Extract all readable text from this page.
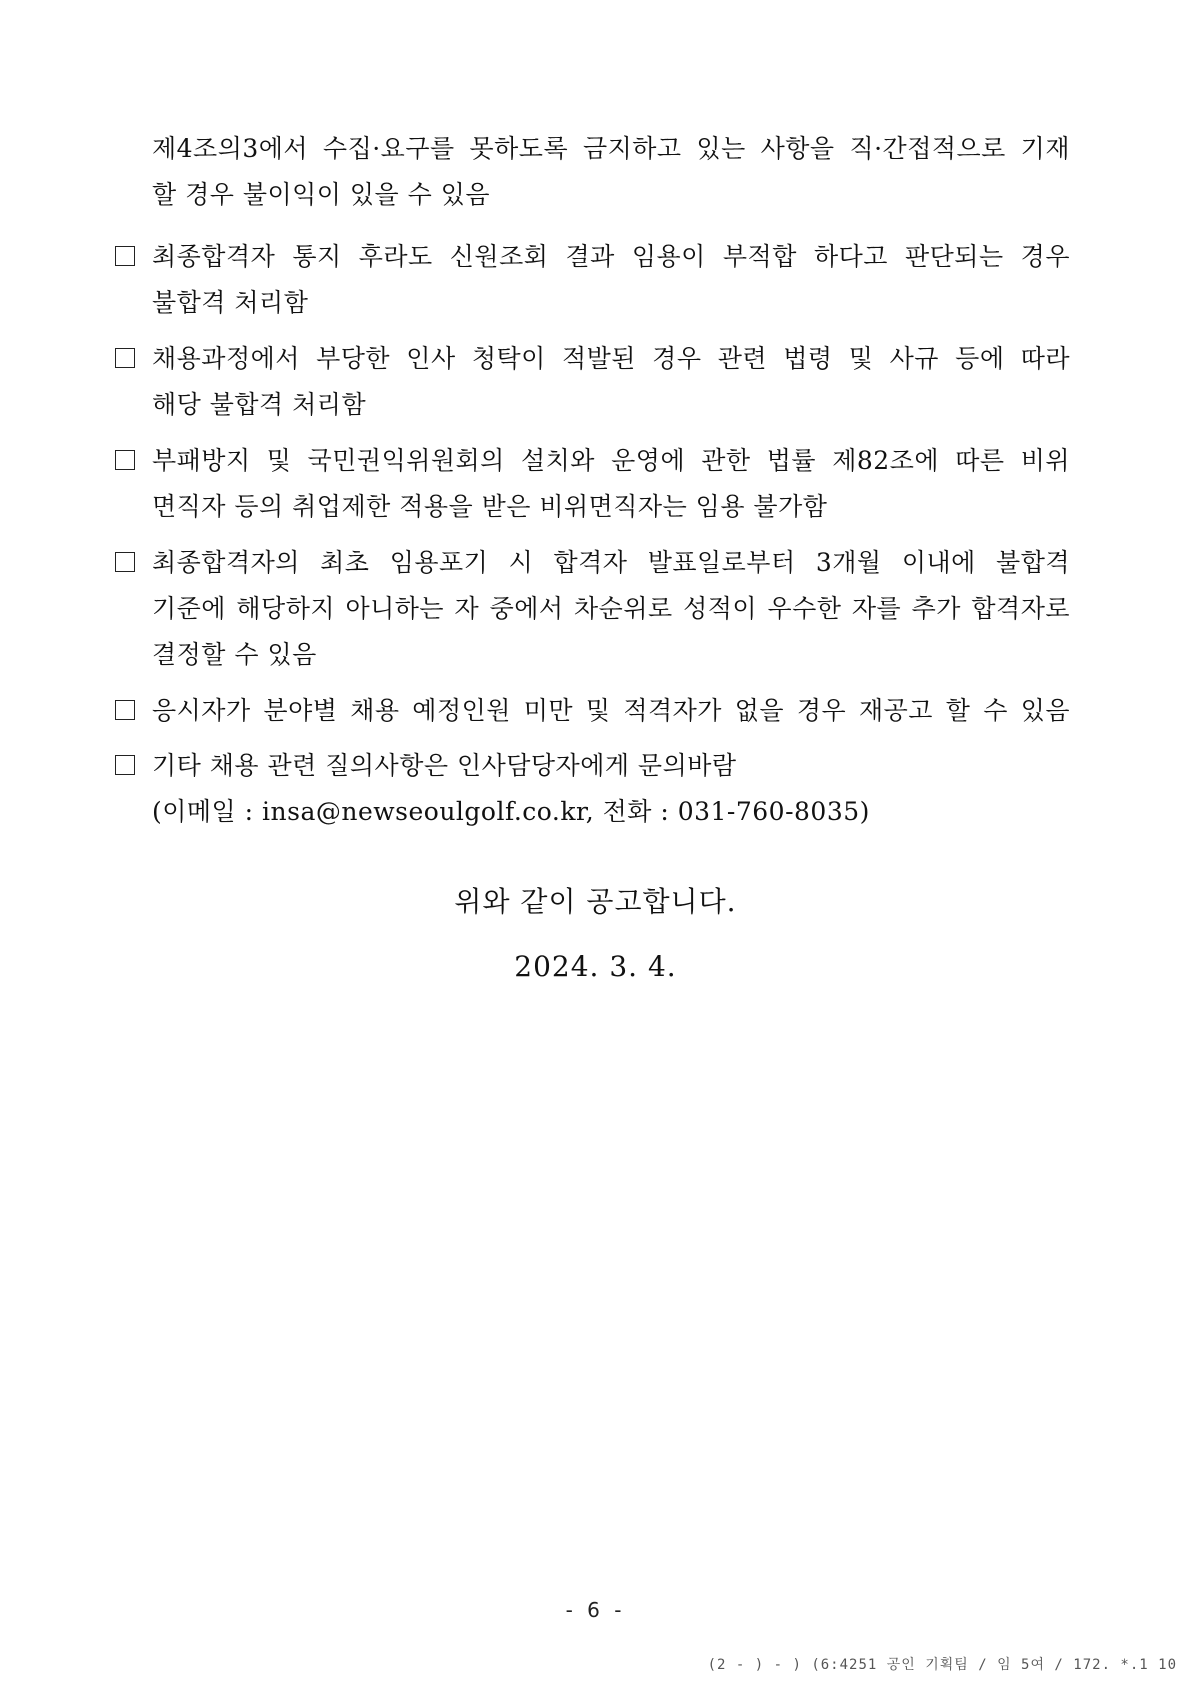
제4조의3에서 수집·요구를 못하도록 금지하고 있는 사항을 직·간접적으로 기재
할 경우 불이익이 있을 수 있음
최종합격자 통지 후라도 신원조회 결과 임용이 부적합 하다고 판단되는 경우
불합격 처리함
채용과정에서 부당한 인사 청탁이 적발된 경우 관련 법령 및 사규 등에 따라
해당 불합격 처리함
부패방지 및 국민권익위원회의 설치와 운영에 관한 법률 제82조에 따른 비위
면직자 등의 취업제한 적용을 받은 비위면직자는 임용 불가함
최종합격자의 최초 임용포기 시 합격자 발표일로부터 3개월 이내에 불합격
기준에 해당하지 아니하는 자 중에서 차순위로 성적이 우수한 자를 추가 합격자로
결정할 수 있음
응시자가 분야별 채용 예정인원 미만 및 적격자가 없을 경우 재공고 할 수 있음
기타 채용 관련 질의사항은 인사담당자에게 문의바람
(이메일 : insa@newseoulgolf.co.kr, 전화 : 031-760-8035)
위와 같이 공고합니다.
2024. 3. 4.
- 6 -
(2 - ) - ) (6:4251 공인 기획팀 / 임 5여 / 172. *.1 10
